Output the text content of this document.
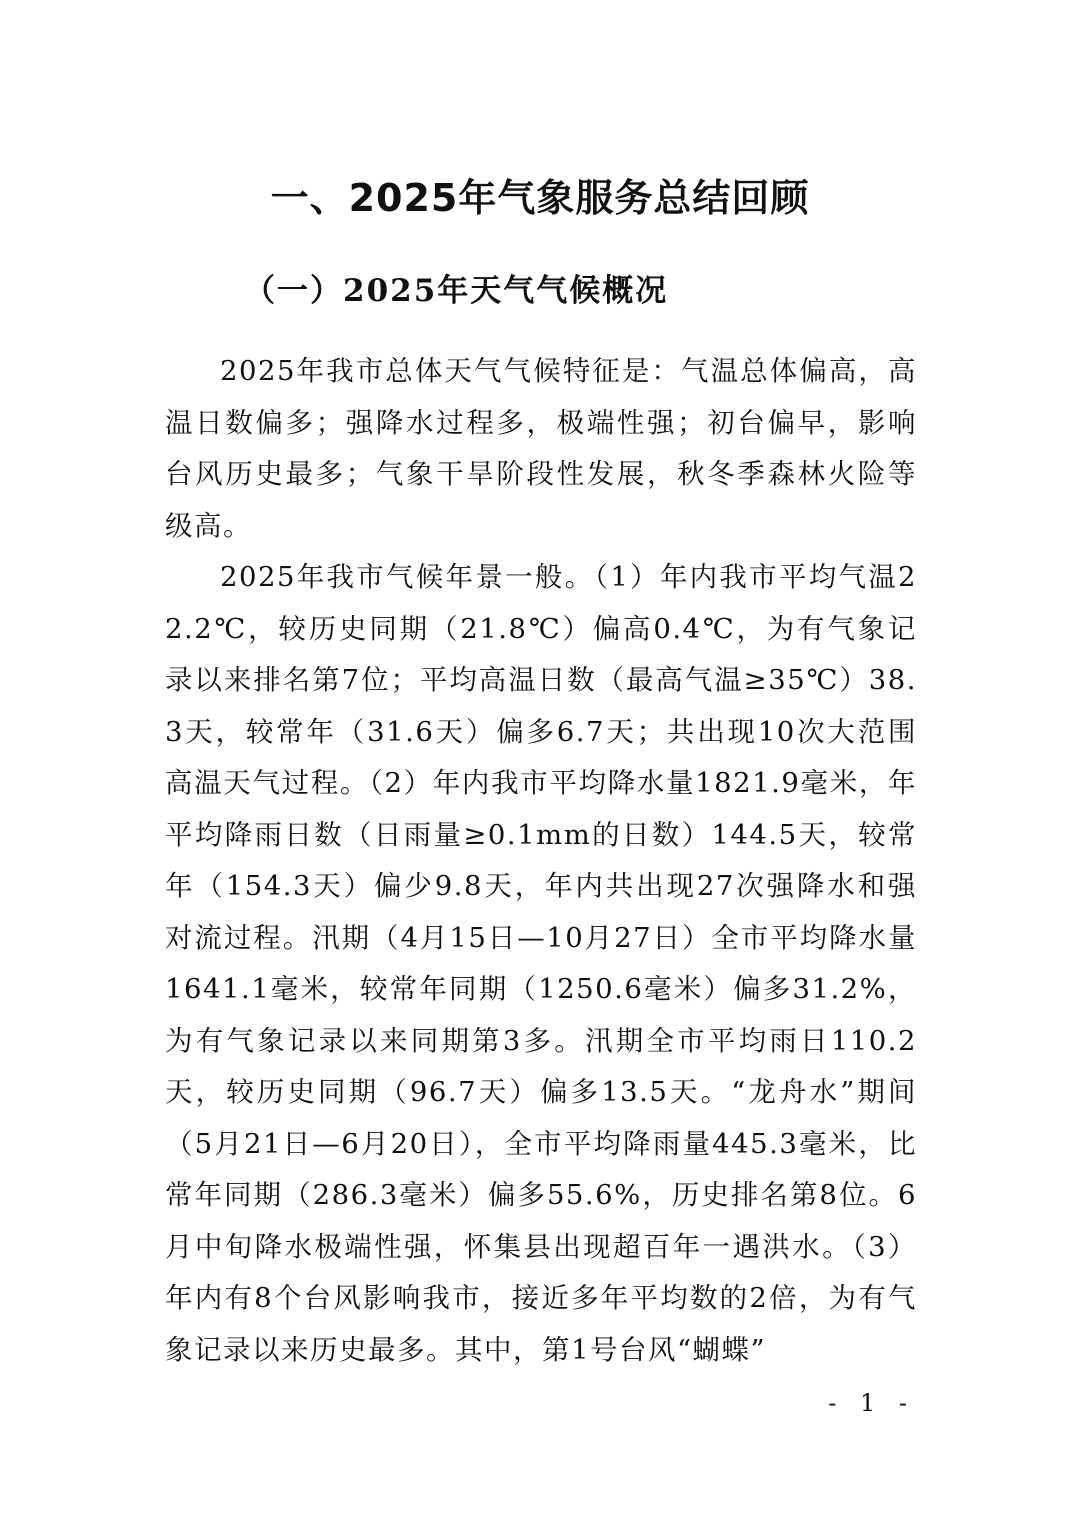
一、2025年气象服务总结回顾
（一）2025年天气气候概况

2025年我市总体天气气候特征是：气温总体偏高，高温日数偏多；强降水过程多，极端性强；初台偏早，影响台风历史最多；气象干旱阶段性发展，秋冬季森林火险等级高。

2025年我市气候年景一般。（1）年内我市平均气温22.2℃，较历史同期（21.8℃）偏高0.4℃，为有气象记录以来排名第7位；平均高温日数（最高气温≥35℃）38.3天，较常年（31.6天）偏多6.7天；共出现10次大范围高温天气过程。（2）年内我市平均降水量1821.9毫米，年平均降雨日数（日雨量≥0.1mm的日数）144.5天，较常年（154.3天）偏少9.8天，年内共出现27次强降水和强对流过程。汛期（4月15日—10月27日）全市平均降水量1641.1毫米，较常年同期（1250.6毫米）偏多31.2%，为有气象记录以来同期第3多。汛期全市平均雨日110.2天，较历史同期（96.7天）偏多13.5天。“龙舟水”期间（5月21日—6月20日），全市平均降雨量445.3毫米，比常年同期（286.3毫米）偏多55.6%，历史排名第8位。6月中旬降水极端性强，怀集县出现超百年一遇洪水。（3）年内有8个台风影响我市，接近多年平均数的2倍，为有气象记录以来历史最多。其中，第1号台风“蝴蝶”

- 1 -
